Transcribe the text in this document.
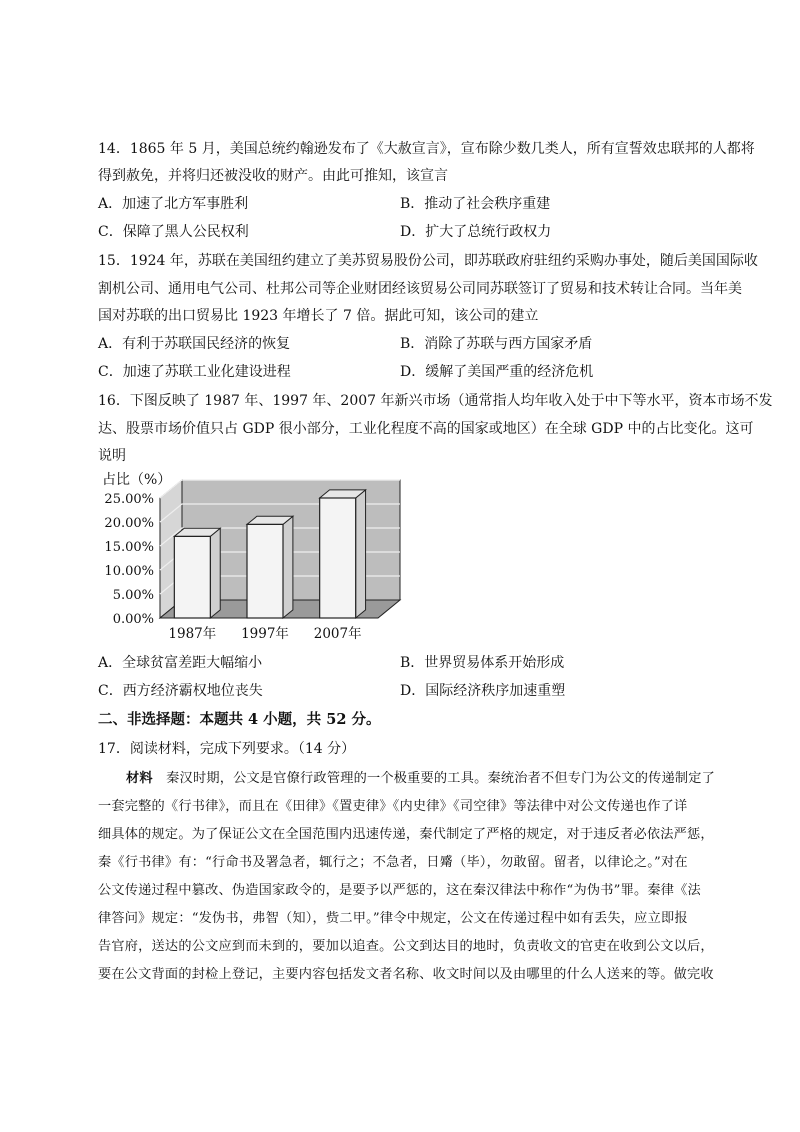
14．1865 年 5 月，美国总统约翰逊发布了《大赦宣言》，宣布除少数几类人，所有宣誓效忠联邦的人都将
得到赦免，并将归还被没收的财产。由此可推知，该宣言
A．加速了北方军事胜利	B．推动了社会秩序重建
C．保障了黑人公民权利	D．扩大了总统行政权力
15．1924 年，苏联在美国纽约建立了美苏贸易股份公司，即苏联政府驻纽约采购办事处，随后美国国际收
割机公司、通用电气公司、杜邦公司等企业财团经该贸易公司同苏联签订了贸易和技术转让合同。当年美
国对苏联的出口贸易比 1923 年增长了 7 倍。据此可知，该公司的建立
A．有利于苏联国民经济的恢复	B．消除了苏联与西方国家矛盾
C．加速了苏联工业化建设进程	D．缓解了美国严重的经济危机
16．下图反映了 1987 年、1997 年、2007 年新兴市场（通常指人均年收入处于中下等水平，资本市场不发
达、股票市场价值只占 GDP 很小部分，工业化程度不高的国家或地区）在全球 GDP 中的占比变化。这可
说明
占比（%）
0.00%
5.00%
10.00%
15.00%
20.00%
25.00%
1987年 1997年 2007年
A．全球贫富差距大幅缩小	B．世界贸易体系开始形成
C．西方经济霸权地位丧失	D．国际经济秩序加速重塑
二、非选择题：本题共 4 小题，共 52 分。
17．阅读材料，完成下列要求。（14 分）
材料　 秦汉时期，公文是官僚行政管理的一个极重要的工具。秦统治者不但专门为公文的传递制定了
一套完整的《行书律》，而且在《田律》《置吏律》《内史律》《司空律》等法律中对公文传递也作了详
细具体的规定。为了保证公文在全国范围内迅速传递，秦代制定了严格的规定，对于违反者必依法严惩，
秦《行书律》有：“行命书及署急者，辄行之；不急者，日觱（毕），勿敢留。留者，以律论之。”对在
公文传递过程中篡改、伪造国家政令的，是要予以严惩的，这在秦汉律法中称作“为伪书”罪。秦律《法
律答问》规定：“发伪书，弗智（知），赀二甲。”律令中规定，公文在传递过程中如有丢失，应立即报
告官府，送达的公文应到而未到的，要加以追查。公文到达目的地时，负责收文的官吏在收到公文以后，
要在公文背面的封检上登记，主要内容包括发文者名称、收文时间以及由哪里的什么人送来的等。做完收
